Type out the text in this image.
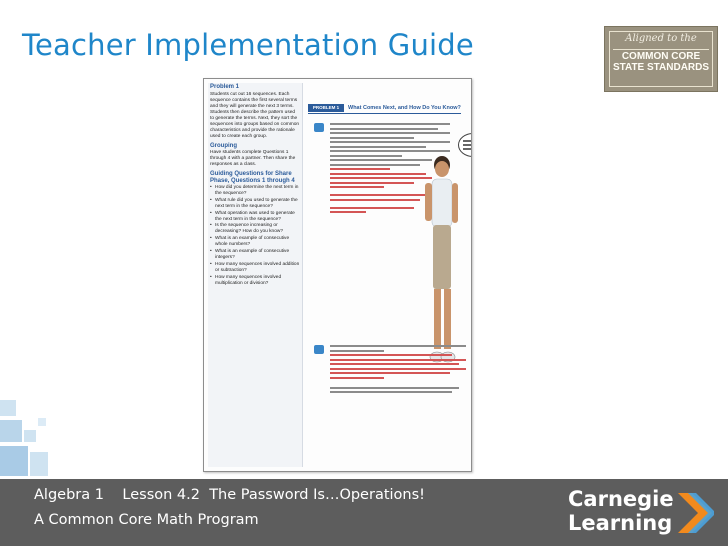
Teacher Implementation Guide	Aligned to the
COMMON CORE
STATE STANDARDS
Problem 1

Students cut out 16 sequences. Each sequence contains the first several terms and they will generate the next 3 terms. Students then describe the pattern used to generate the terms. Next, they sort the sequences into groups based on common characteristics and provide the rationale used to create each group.

Grouping

Have students complete Questions 1 through 4 with a partner. Then share the responses as a class.

Guiding Questions for Share Phase, Questions 1 through 4
• How did you determine the next term in the sequence?
• What rule did you used to generate the next term in the sequence?
• What operation was used to generate the next term in the sequence?
• Is the sequence increasing or decreasing? How do you know?
• What is an example of consecutive whole numbers?
• What is an example of consecutive integers?
• How many sequences involved addition or subtraction?
• How many sequences involved multiplication or division?
PROBLEM 1	What Comes Next, and How Do You Know?
Algebra 1    Lesson 4.2  The Password Is…Operations!
A Common Core Math Program
Carnegie
Learning
